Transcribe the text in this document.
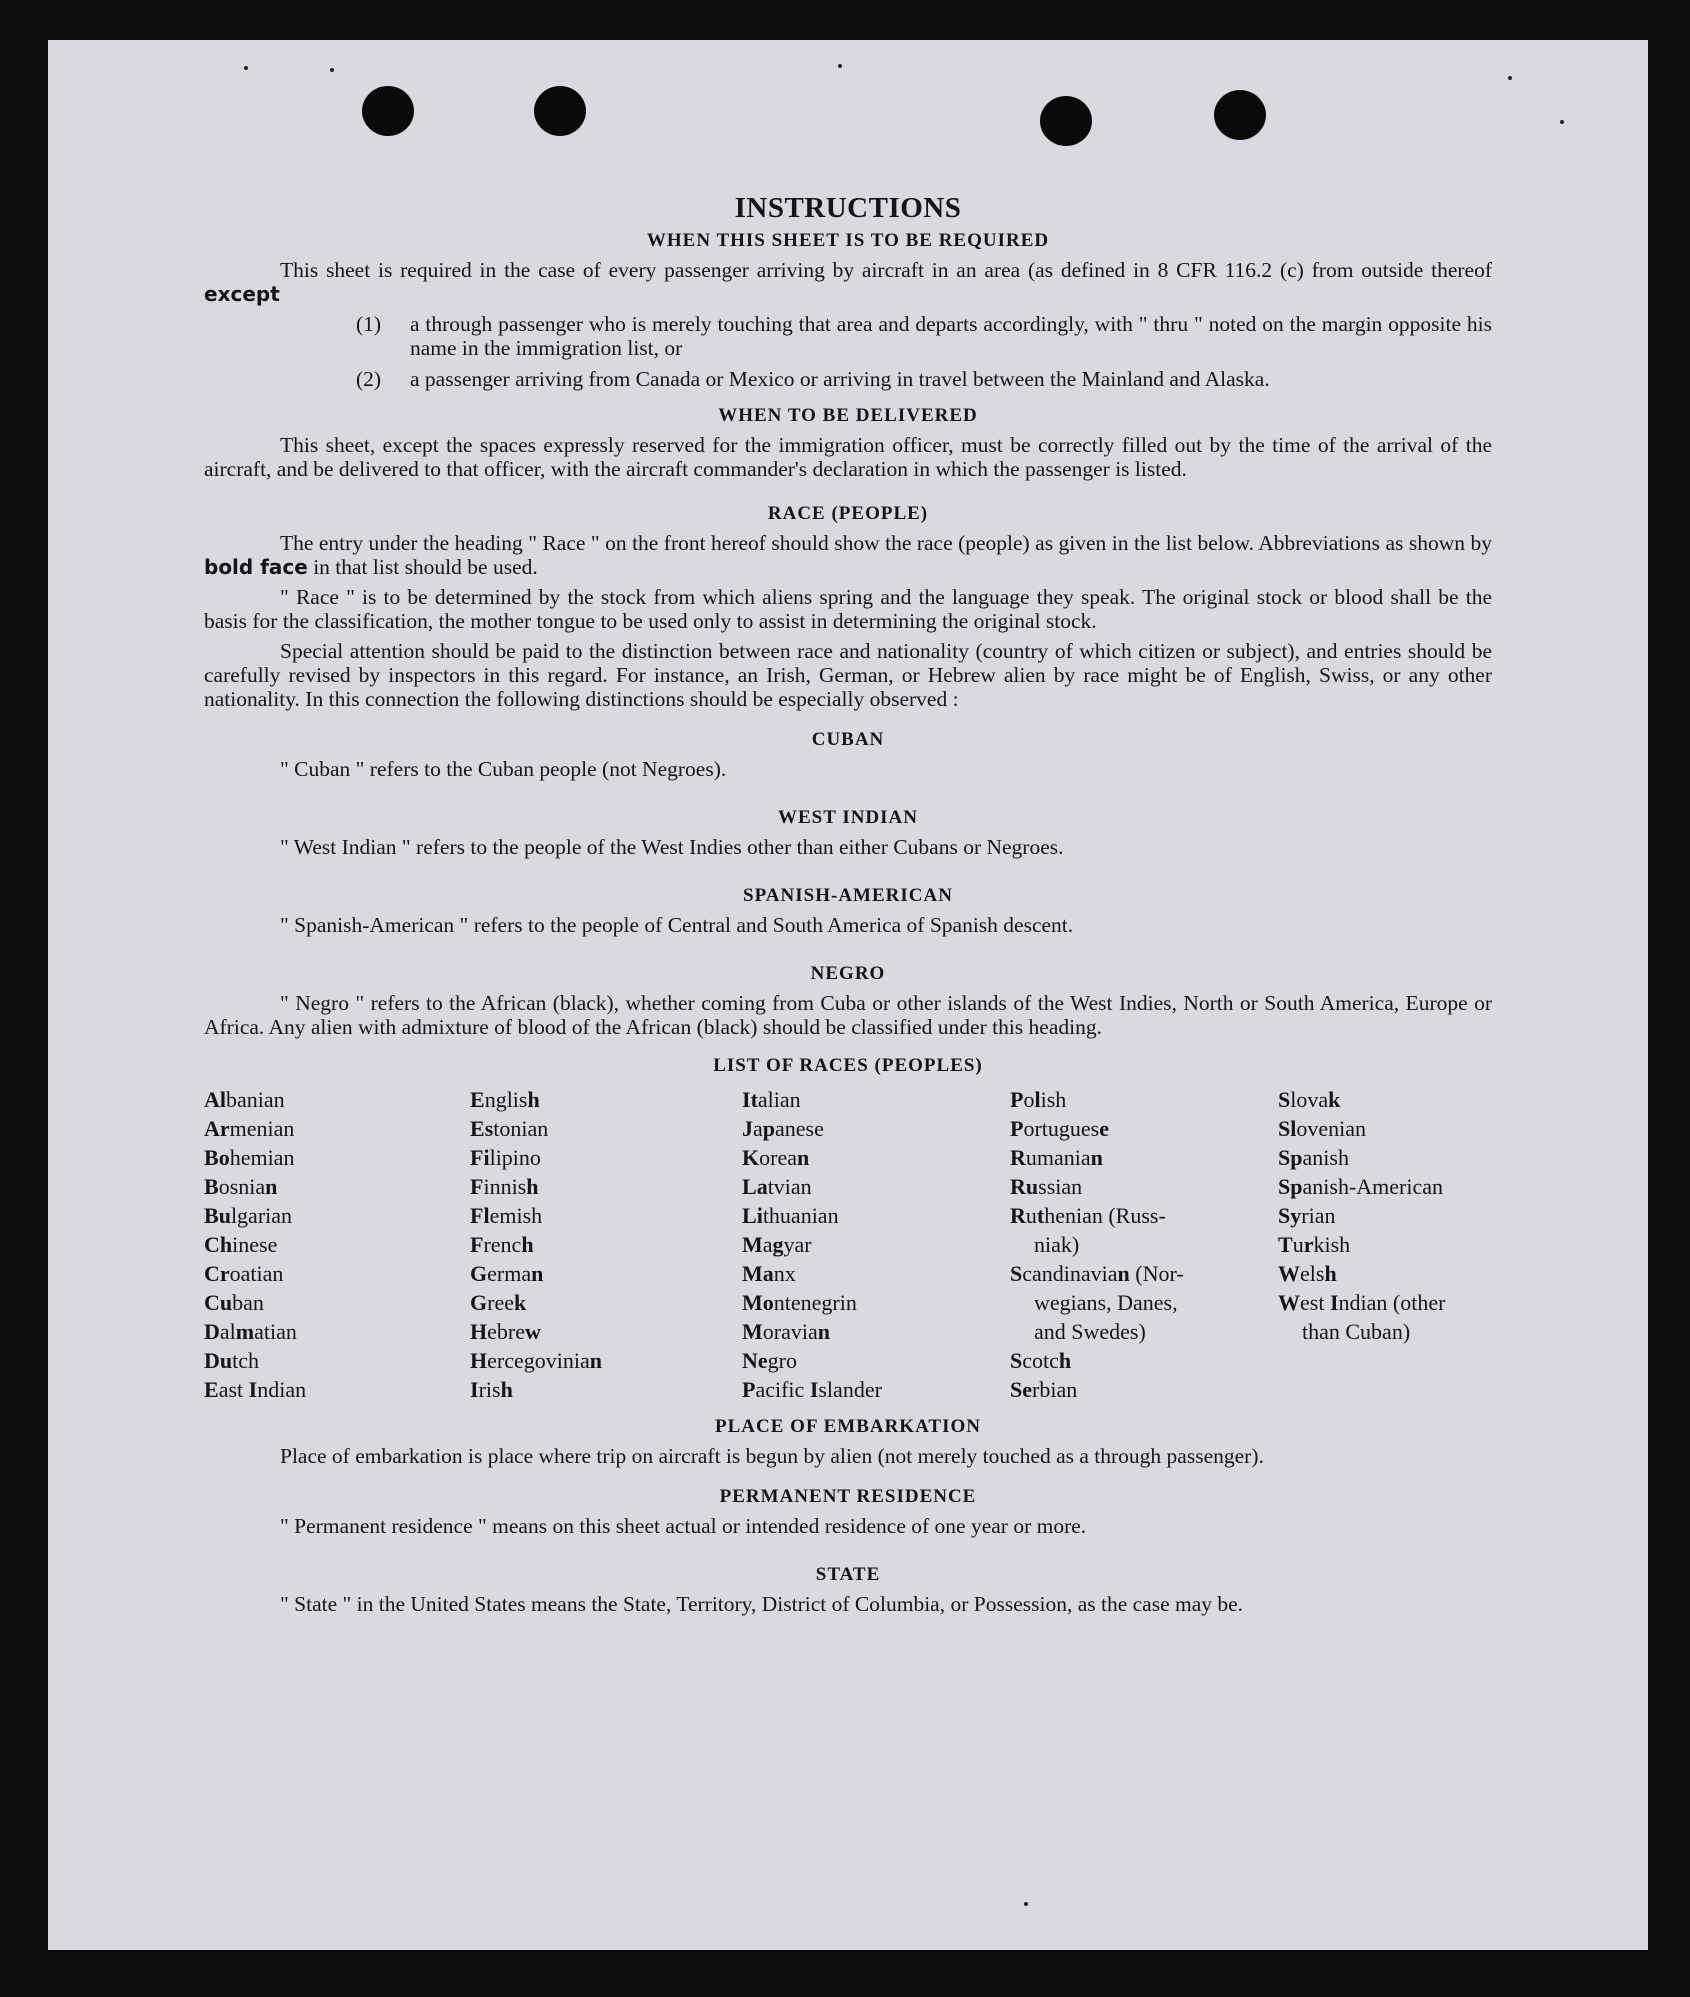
INSTRUCTIONS
WHEN THIS SHEET IS TO BE REQUIRED

This sheet is required in the case of every passenger arriving by aircraft in an area (as defined in 8 CFR 116.2 (c) from outside thereof except

(1)	a through passenger who is merely touching that area and departs accordingly, with " thru " noted on the margin opposite his name in the immigration list, or
(2)	a passenger arriving from Canada or Mexico or arriving in travel between the Mainland and Alaska.
WHEN TO BE DELIVERED

This sheet, except the spaces expressly reserved for the immigration officer, must be correctly filled out by the time of the arrival of the aircraft, and be delivered to that officer, with the aircraft commander's declaration in which the passenger is listed.

RACE (PEOPLE)

The entry under the heading " Race " on the front hereof should show the race (people) as given in the list below. Abbreviations as shown by bold face in that list should be used.

" Race " is to be determined by the stock from which aliens spring and the language they speak. The original stock or blood shall be the basis for the classification, the mother tongue to be used only to assist in determining the original stock.

Special attention should be paid to the distinction between race and nationality (country of which citizen or subject), and entries should be carefully revised by inspectors in this regard. For instance, an Irish, German, or Hebrew alien by race might be of English, Swiss, or any other nationality. In this connection the following distinctions should be especially observed :

CUBAN

" Cuban " refers to the Cuban people (not Negroes).

WEST INDIAN

" West Indian " refers to the people of the West Indies other than either Cubans or Negroes.

SPANISH-AMERICAN

" Spanish-American " refers to the people of Central and South America of Spanish descent.

NEGRO

" Negro " refers to the African (black), whether coming from Cuba or other islands of the West Indies, North or South America, Europe or Africa. Any alien with admixture of blood of the African (black) should be classified under this heading.

LIST OF RACES (PEOPLES)
Albanian
Armenian
Bohemian
Bosnian
Bulgarian
Chinese
Croatian
Cuban
Dalmatian
Dutch
East Indian
English
Estonian
Filipino
Finnish
Flemish
French
German
Greek
Hebrew
Hercegovinian
Irish
Italian
Japanese
Korean
Latvian
Lithuanian
Magyar
Manx
Montenegrin
Moravian
Negro
Pacific Islander
Polish
Portuguese
Rumanian
Russian
Ruthenian (Russ-
niak)
Scandinavian (Nor-
wegians, Danes,
and Swedes)
Scotch
Serbian
Slovak
Slovenian
Spanish
Spanish-American
Syrian
Turkish
Welsh
West Indian (other
than Cuban)
PLACE OF EMBARKATION

Place of embarkation is place where trip on aircraft is begun by alien (not merely touched as a through passenger).

PERMANENT RESIDENCE

" Permanent residence " means on this sheet actual or intended residence of one year or more.

STATE

" State " in the United States means the State, Territory, District of Columbia, or Possession, as the case may be.
